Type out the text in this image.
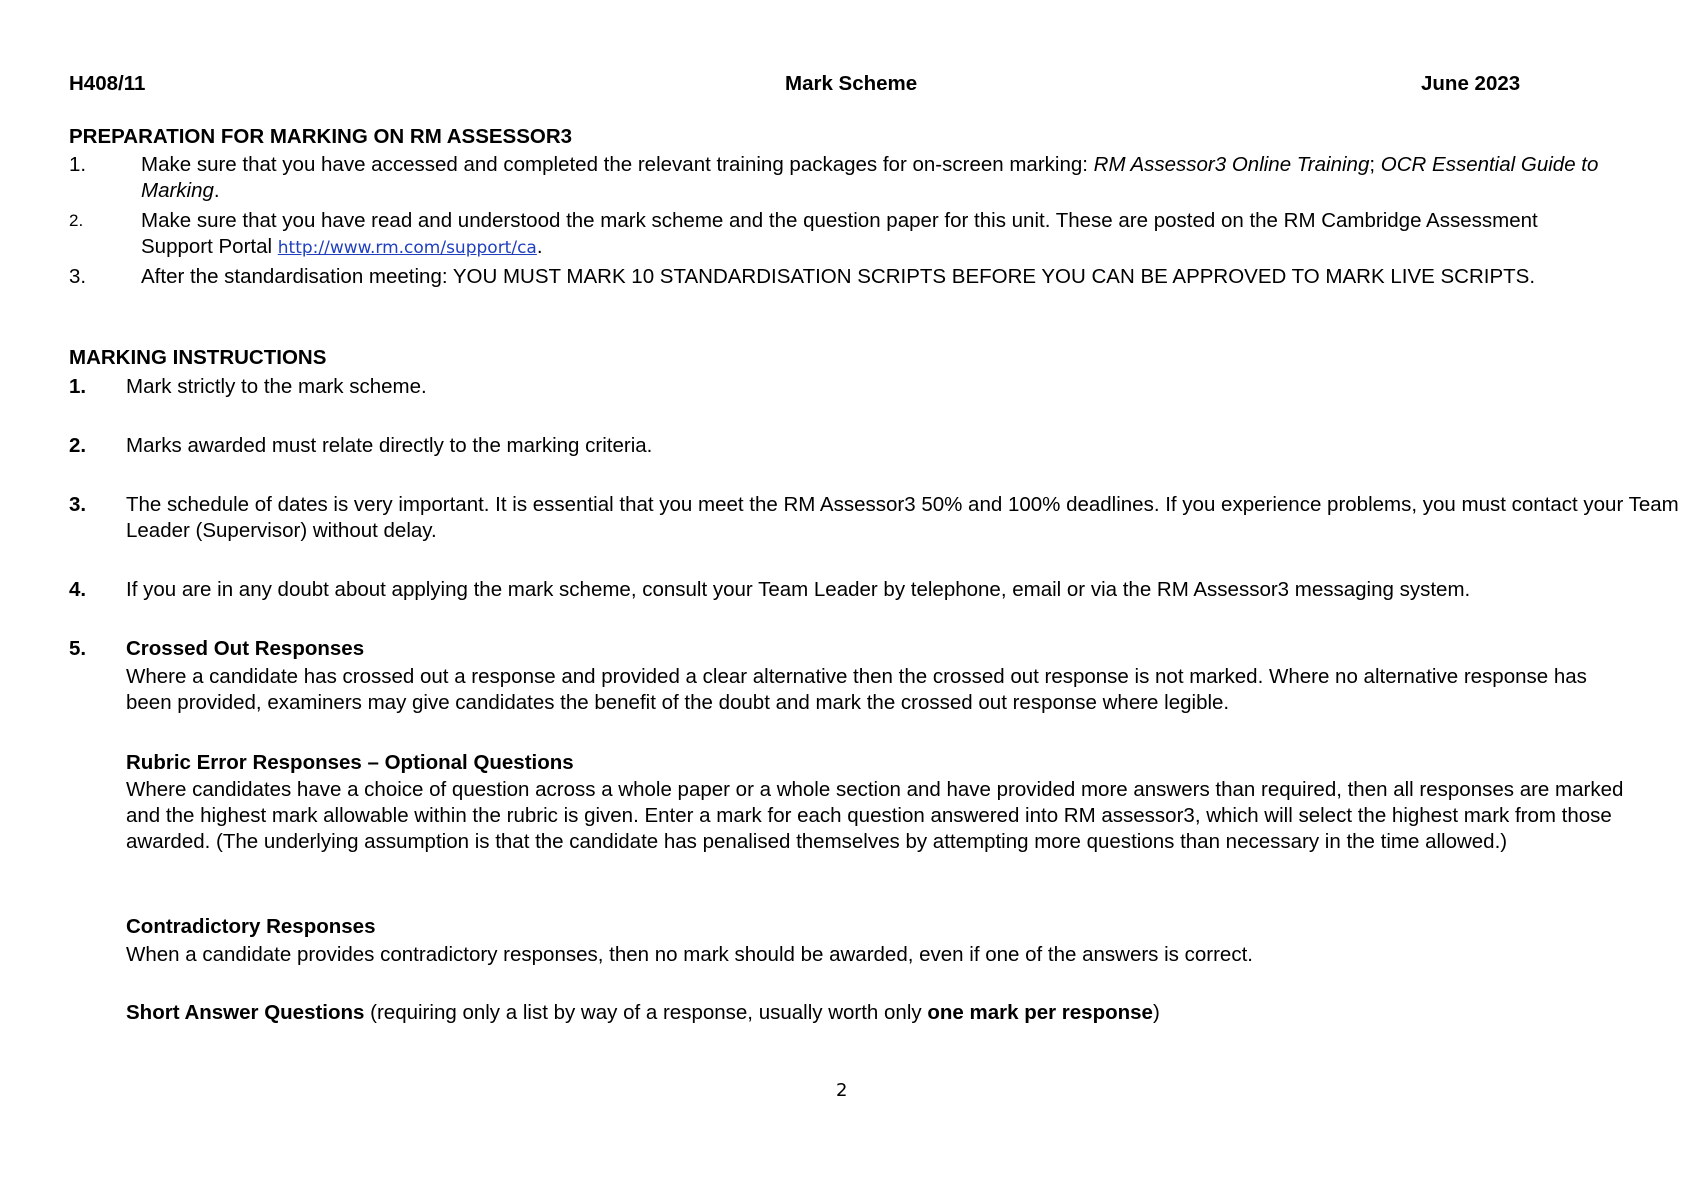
H408/11	Mark Scheme	June 2023
PREPARATION FOR MARKING ON RM ASSESSOR3
1.	Make sure that you have accessed and completed the relevant training packages for on-screen marking: RM Assessor3 Online Training; OCR Essential Guide to Marking.
2.	Make sure that you have read and understood the mark scheme and the question paper for this unit. These are posted on the RM Cambridge Assessment Support Portal http://www.rm.com/support/ca.
3.	After the standardisation meeting: YOU MUST MARK 10 STANDARDISATION SCRIPTS BEFORE YOU CAN BE APPROVED TO MARK LIVE SCRIPTS.
MARKING INSTRUCTIONS
1. Mark strictly to the mark scheme.
2. Marks awarded must relate directly to the marking criteria.
3. The schedule of dates is very important. It is essential that you meet the RM Assessor3 50% and 100% deadlines. If you experience problems, you must contact your Team Leader (Supervisor) without delay.
4. If you are in any doubt about applying the mark scheme, consult your Team Leader by telephone, email or via the RM Assessor3 messaging system.
5. Crossed Out Responses
Where a candidate has crossed out a response and provided a clear alternative then the crossed out response is not marked. Where no alternative response has been provided, examiners may give candidates the benefit of the doubt and mark the crossed out response where legible.
Rubric Error Responses – Optional Questions
Where candidates have a choice of question across a whole paper or a whole section and have provided more answers than required, then all responses are marked and the highest mark allowable within the rubric is given. Enter a mark for each question answered into RM assessor3, which will select the highest mark from those awarded. (The underlying assumption is that the candidate has penalised themselves by attempting more questions than necessary in the time allowed.)
Contradictory Responses
When a candidate provides contradictory responses, then no mark should be awarded, even if one of the answers is correct.
Short Answer Questions (requiring only a list by way of a response, usually worth only one mark per response)
2
